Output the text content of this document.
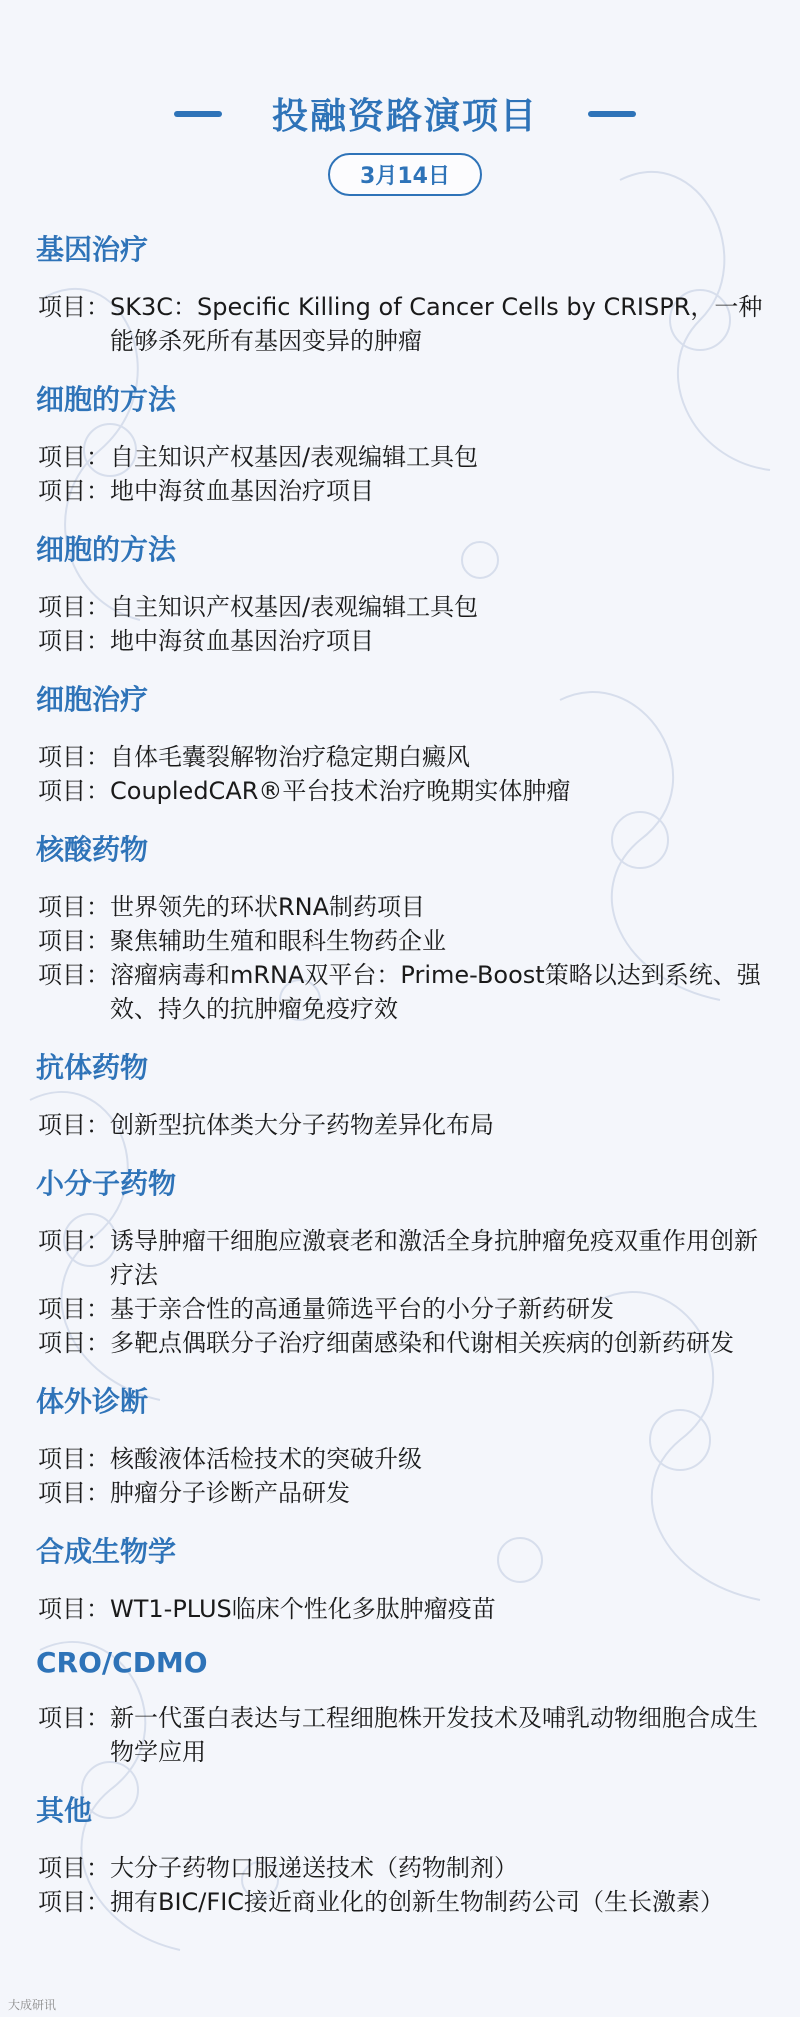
投融资路演项目
3月14日
基因治疗
项目： SK3C：Specific Killing of Cancer Cells by CRISPR，一种能够杀死所有基因变异的肿瘤
细胞的方法
项目： 自主知识产权基因/表观编辑工具包
项目： 地中海贫血基因治疗项目
细胞的方法
项目： 自主知识产权基因/表观编辑工具包
项目： 地中海贫血基因治疗项目
细胞治疗
项目： 自体毛囊裂解物治疗稳定期白癜风
项目： CoupledCAR®平台技术治疗晚期实体肿瘤
核酸药物
项目： 世界领先的环状RNA制药项目
项目： 聚焦辅助生殖和眼科生物药企业
项目： 溶瘤病毒和mRNA双平台：Prime-Boost策略以达到系统、强效、持久的抗肿瘤免疫疗效
抗体药物
项目： 创新型抗体类大分子药物差异化布局
小分子药物
项目： 诱导肿瘤干细胞应激衰老和激活全身抗肿瘤免疫双重作用创新疗法
项目： 基于亲合性的高通量筛选平台的小分子新药研发
项目： 多靶点偶联分子治疗细菌感染和代谢相关疾病的创新药研发
体外诊断
项目： 核酸液体活检技术的突破升级
项目： 肿瘤分子诊断产品研发
合成生物学
项目： WT1-PLUS临床个性化多肽肿瘤疫苗
CRO/CDMO
项目： 新一代蛋白表达与工程细胞株开发技术及哺乳动物细胞合成生物学应用
其他
项目： 大分子药物口服递送技术（药物制剂）
项目： 拥有BIC/FIC接近商业化的创新生物制药公司（生长激素）
大成研讯
